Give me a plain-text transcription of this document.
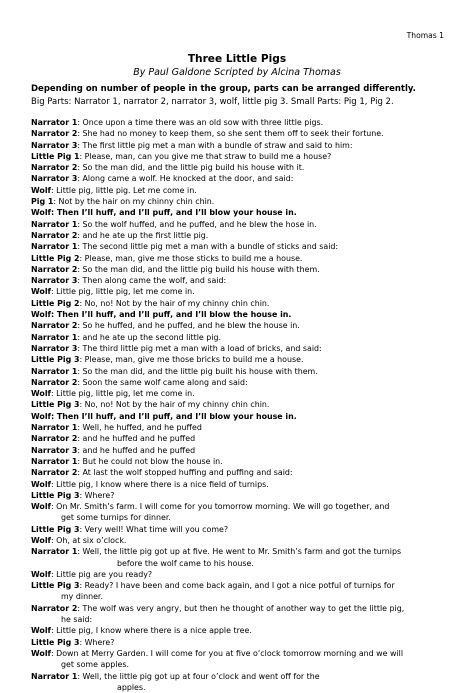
Thomas 1
Three Little Pigs
By Paul Galdone Scripted by Alcina Thomas
Depending on number of people in the group, parts can be arranged differently.
Big Parts: Narrator 1, narrator 2, narrator 3, wolf, little pig 3. Small Parts: Pig 1, Pig 2.
Narrator 1: Once upon a time there was an old sow with three little pigs.
Narrator 2: She had no money to keep them, so she sent them off to seek their fortune.
Narrator 3: The first little pig met a man with a bundle of straw and said to him:
Little Pig 1: Please, man, can you give me that straw to build me a house?
Narrator 2: So the man did, and the little pig build his house with it.
Narrator 3: Along came a wolf. He knocked at the door, and said:
Wolf: Little pig, little pig. Let me come in.
Pig 1: Not by the hair on my chinny chin chin.
Wolf: Then I’ll huff, and I’ll puff, and I’ll blow your house in.
Narrator 1: So the wolf huffed, and he puffed, and he blew the hose in.
Narrator 2: and he ate up the first little pig.
Narrator 1: The second little pig met a man with a bundle of sticks and said:
Little Pig 2: Please, man, give me those sticks to build me a house.
Narrator 2: So the man did, and the little pig build his house with them.
Narrator 3: Then along came the wolf, and said:
Wolf: Little pig, little pig, let me come in.
Little Pig 2: No, no! Not by the hair of my chinny chin chin.
Wolf: Then I’ll huff, and I’ll puff, and I’ll blow the house in.
Narrator 2: So he huffed, and he puffed, and he blew the house in.
Narrator 1: and he ate up the second little pig.
Narrator 3: The third little pig met a man with a load of bricks, and said:
Little Pig 3: Please, man, give me those bricks to build me a house.
Narrator 1: So the man did, and the little pig built his house with them.
Narrator 2: Soon the same wolf came along and said:
Wolf: Little pig, little pig, let me come in.
Little Pig 3: No, no! Not by the hair of my chinny chin chin.
Wolf: Then I’ll huff, and I’ll puff, and I’ll blow your house in.
Narrator 1: Well, he huffed, and he puffed
Narrator 2: and he huffed and he puffed
Narrator 3: and he huffed and he puffed
Narrator 1: But he could not blow the house in.
Narrator 2: At last the wolf stopped huffing and puffing and said:
Wolf: Little pig, I know where there is a nice field of turnips.
Little Pig 3: Where?
Wolf: On Mr. Smith’s farm. I will come for you tomorrow morning. We will go together, and
get some turnips for dinner.
Little Pig 3: Very well! What time will you come?
Wolf: Oh, at six o’clock.
Narrator 1: Well, the little pig got up at five. He went to Mr. Smith’s farm and got the turnips
before the wolf came to his house.
Wolf: Little pig are you ready?
Little Pig 3: Ready? I have been and come back again, and I got a nice potful of turnips for
my dinner.
Narrator 2: The wolf was very angry, but then he thought of another way to get the little pig,
he said:
Wolf: Little pig, I know where there is a nice apple tree.
Little Pig 3: Where?
Wolf: Down at Merry Garden. I will come for you at five o’clock tomorrow morning and we will
get some apples.
Narrator 1: Well, the little pig got up at four o’clock and went off for the
apples.
